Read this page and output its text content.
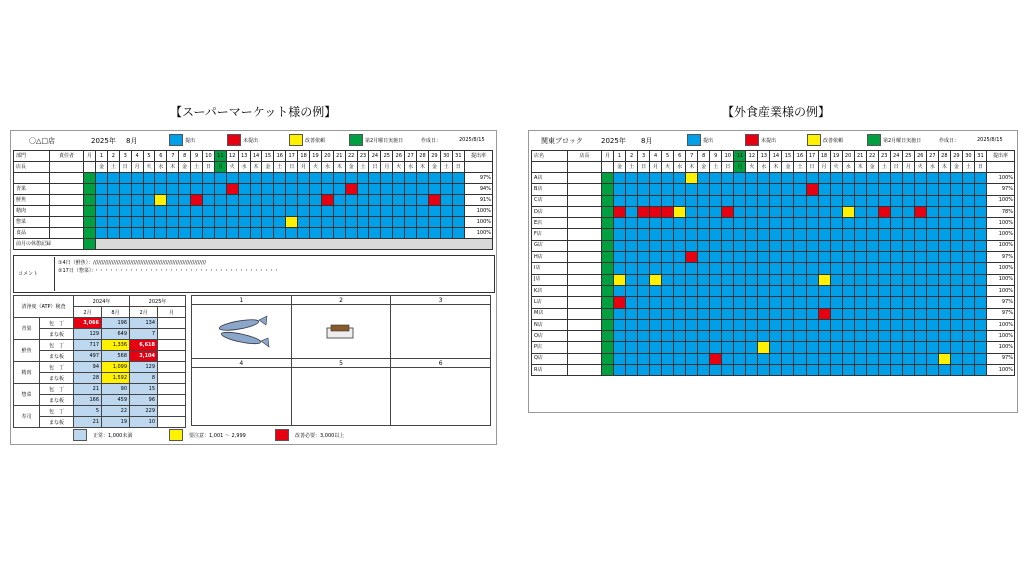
【スーパーマーケット様の例】	【外食産業様の例】
〇△□店	2025年 8月	提出	未提出	改善依頼	第2月曜日実施日	作成日：	2025/8/15
部門	責任者	月	1	2	3	4	5	6	7	8	9	10	11	12	13	14	15	16	17	18	19	20	21	22	23	24	25	26	27	28	29	30	31	提出率
店長			金	土	日	月	火	水	木	金	土	日	月	火	水	木	金	土	日	月	火	水	木	金	土	日	月	火	水	木	金	土	日	
																																		97%
青果																																		94%
鮮魚																																		91%
精肉																																		100%
惣菜																																		100%
食品																																		100%
前月の休憩記録																																		
コメント
①4日（鮮魚）：///////////////////////////////////////////////////////////////////
②17日（惣菜）：・・・・・・・・・・・・・・・・・・・・・・・・・・・・・・・・・・・・・
清浄度（ATP）検査		2024年		2025年	
		2月	8月	2月	月
青果	包　丁	3,066	196	134	
	まな板	129	649	7	
鮮魚	包　丁	717	1,336	6,618	
	まな板	497	568	3,104	
精肉	包　丁	94	1,099	129	
	まな板	28	1,592	8	
惣菜	包　丁	21	90	15	
	まな板	166	459	96	
寿司	包　丁	5	22	229	
	まな板	21	19	10	
1	2	3

4	5	6

正常：1,000未満	要注意：1,001 ～ 2,999	改善必要：3,000以上
関東ブロック	2025年 8月	提出	未提出	改善依頼	第2月曜日実施日	作成日：	2025/8/15
店名	店長	月	1	2	3	4	5	6	7	8	9	10	11	12	13	14	15	16	17	18	19	20	21	22	23	24	25	26	27	28	29	30	31	提出率
			金	土	日	月	火	水	木	金	土	日	月	火	水	木	金	土	日	月	火	水	木	金	土	日	月	火	水	木	金	土	日	
A店																																		100%
B店																																		97%
C店																																		100%
D店																																		78%
E店																																		100%
F店																																		100%
G店																																		100%
H店																																		97%
I店																																		100%
J店																																		100%
K店																																		100%
L店																																		97%
M店																																		97%
N店																																		100%
O店																																		100%
P店																																		100%
Q店																																		97%
R店																																		100%
